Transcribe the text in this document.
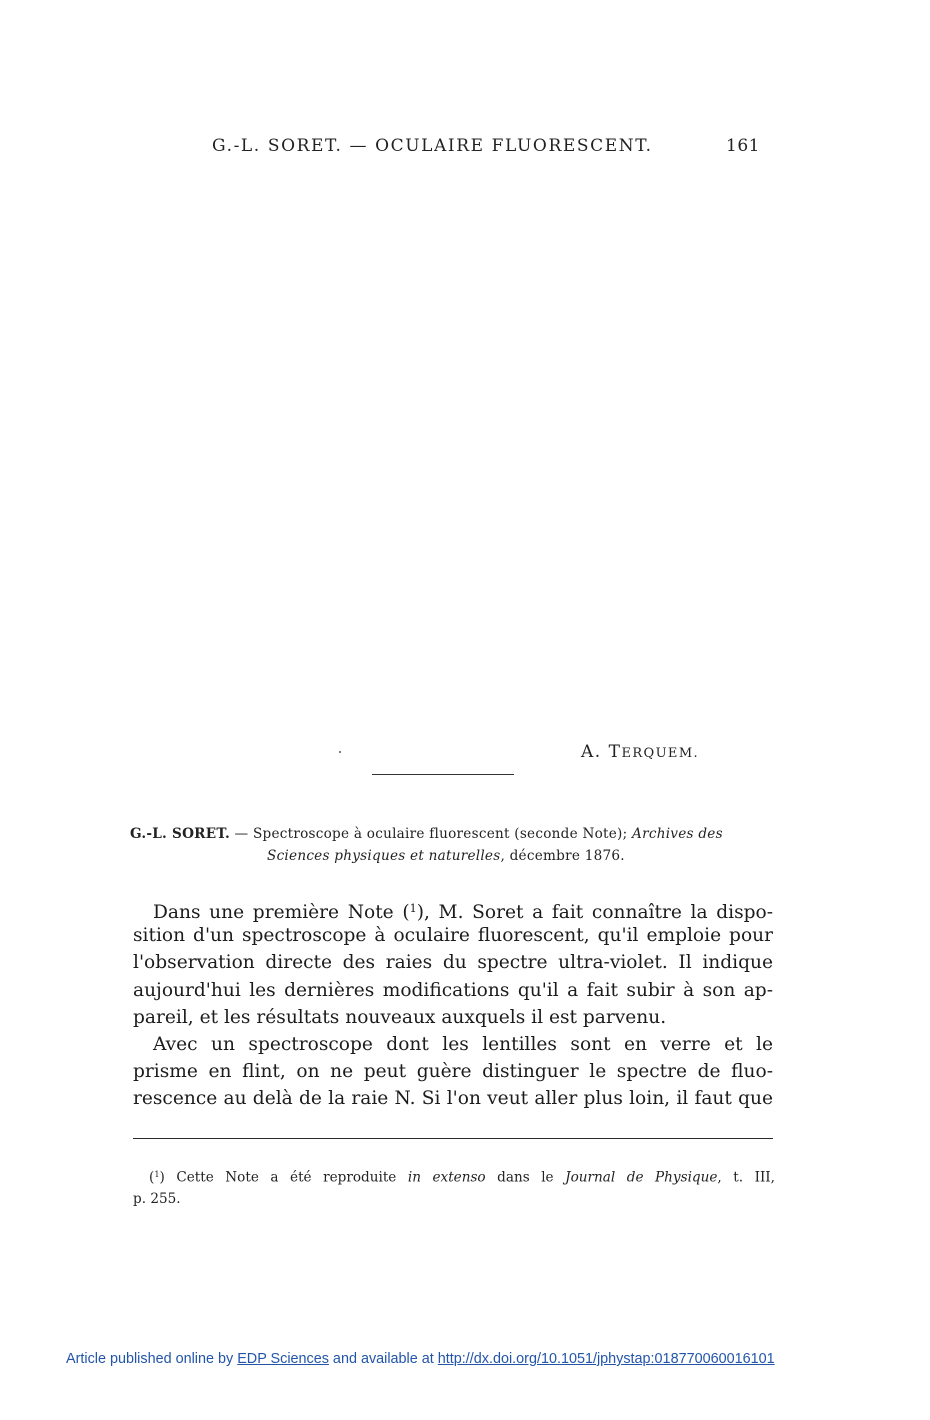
G.-L. SORET. — OCULAIRE FLUORESCENT.	161
A. TERQUEM.
G.-L. SORET. — Spectroscope à oculaire fluorescent (seconde Note); Archives des
Sciences physiques et naturelles, décembre 1876.
Dans une première Note ($^1$), M. Soret a fait connaître la dispo-
sition d'un spectroscope à oculaire fluorescent, qu'il emploie pour
l'observation directe des raies du spectre ultra-violet. Il indique
aujourd'hui les dernières modifications qu'il a fait subir à son ap-
pareil, et les résultats nouveaux auxquels il est parvenu.
Avec un spectroscope dont les lentilles sont en verre et le
prisme en flint, on ne peut guère distinguer le spectre de fluo-
rescence au delà de la raie N. Si l'on veut aller plus loin, il faut que
($^1$) Cette Note a été reproduite in extenso dans le Journal de Physique, t. III,
p. 255.
Article published online by EDP Sciences and available at http://dx.doi.org/10.1051/jphystap:018770060016101
